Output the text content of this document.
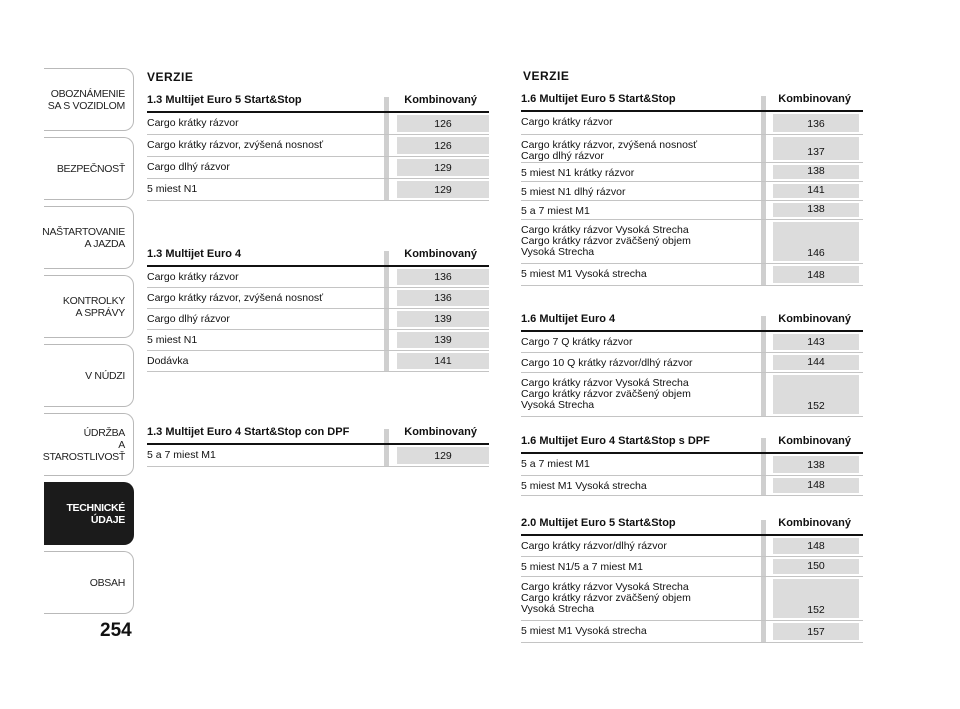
OBOZNÁMENIE
SA S VOZIDLOM
BEZPEČNOSŤ
NAŠTARTOVANIE
A JAZDA
KONTROLKY
A SPRÁVY
V NÚDZI
ÚDRŽBA
A STAROSTLIVOSŤ
TECHNICKÉ
ÚDAJE
OBSAH
254
VERZIE	VERZIE
1.3 Multijet Euro 5 Start&Stop	Kombinovaný
Cargo krátky rázvor	126
Cargo krátky rázvor, zvýšená nosnosť	126
Cargo dlhý rázvor	129
5 miest N1	129
1.3 Multijet Euro 4	Kombinovaný
Cargo krátky rázvor	136
Cargo krátky rázvor, zvýšená nosnosť	136
Cargo dlhý rázvor	139
5 miest N1	139
Dodávka	141
1.3 Multijet Euro 4 Start&Stop con DPF	Kombinovaný
5 a 7 miest M1	129
1.6 Multijet Euro 5 Start&Stop	Kombinovaný
Cargo krátky rázvor	136
Cargo krátky rázvor, zvýšená nosnosť
Cargo dlhý rázvor	137
5 miest N1 krátky rázvor	138
5 miest N1 dlhý rázvor	141
5 a 7 miest M1	138
Cargo krátky rázvor Vysoká Strecha
Cargo krátky rázvor zväčšený objem
Vysoká Strecha	146
5 miest M1 Vysoká strecha	148
1.6 Multijet Euro 4	Kombinovaný
Cargo 7 Q krátky rázvor	143
Cargo 10 Q krátky rázvor/dlhý rázvor	144
Cargo krátky rázvor Vysoká Strecha
Cargo krátky rázvor zväčšený objem
Vysoká Strecha	152
1.6 Multijet Euro 4 Start&Stop s DPF	Kombinovaný
5 a 7 miest M1	138
5 miest M1 Vysoká strecha	148
2.0 Multijet Euro 5 Start&Stop	Kombinovaný
Cargo krátky rázvor/dlhý rázvor	148
5 miest N1/5 a 7 miest M1	150
Cargo krátky rázvor Vysoká Strecha
Cargo krátky rázvor zväčšený objem
Vysoká Strecha	152
5 miest M1 Vysoká strecha	157
